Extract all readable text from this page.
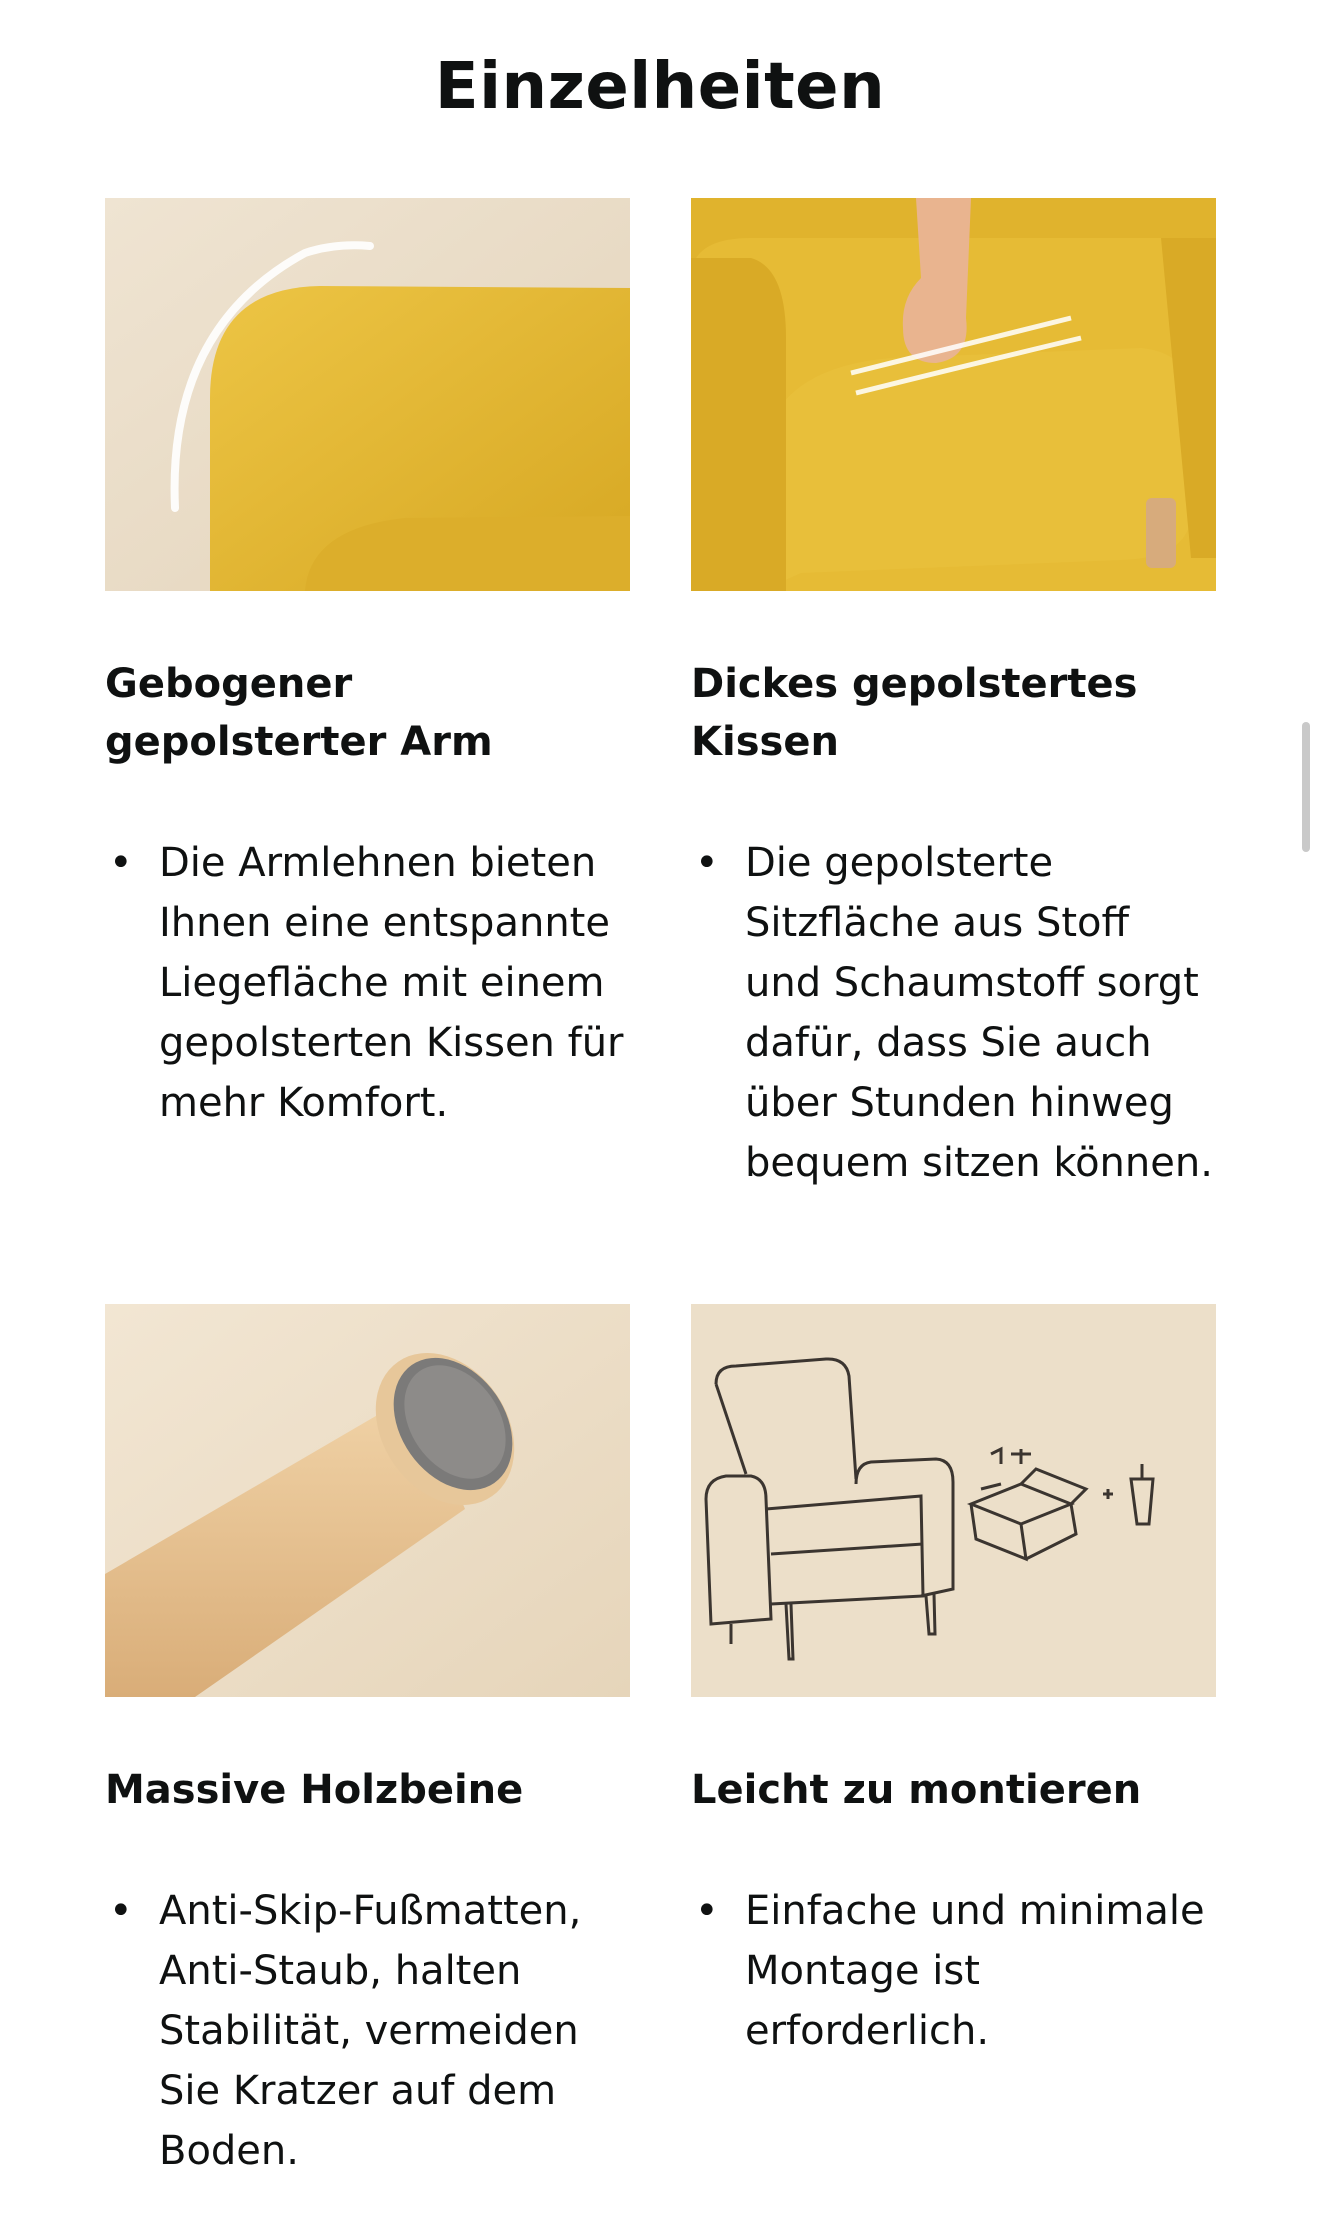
Einzelheiten
Gebogener gepolsterter Arm
• Die Armlehnen bieten Ihnen eine entspannte Liegefläche mit einem gepolsterten Kissen für mehr Komfort.
Dickes gepolstertes Kissen
• Die gepolsterte Sitzfläche aus Stoff und Schaumstoff sorgt dafür, dass Sie auch über Stunden hinweg bequem sitzen können.
Massive Holzbeine
• Anti-Skip-Fußmatten, Anti-Staub, halten Stabilität, vermeiden Sie Kratzer auf dem Boden.
Leicht zu montieren
• Einfache und minimale Montage ist erforderlich.
